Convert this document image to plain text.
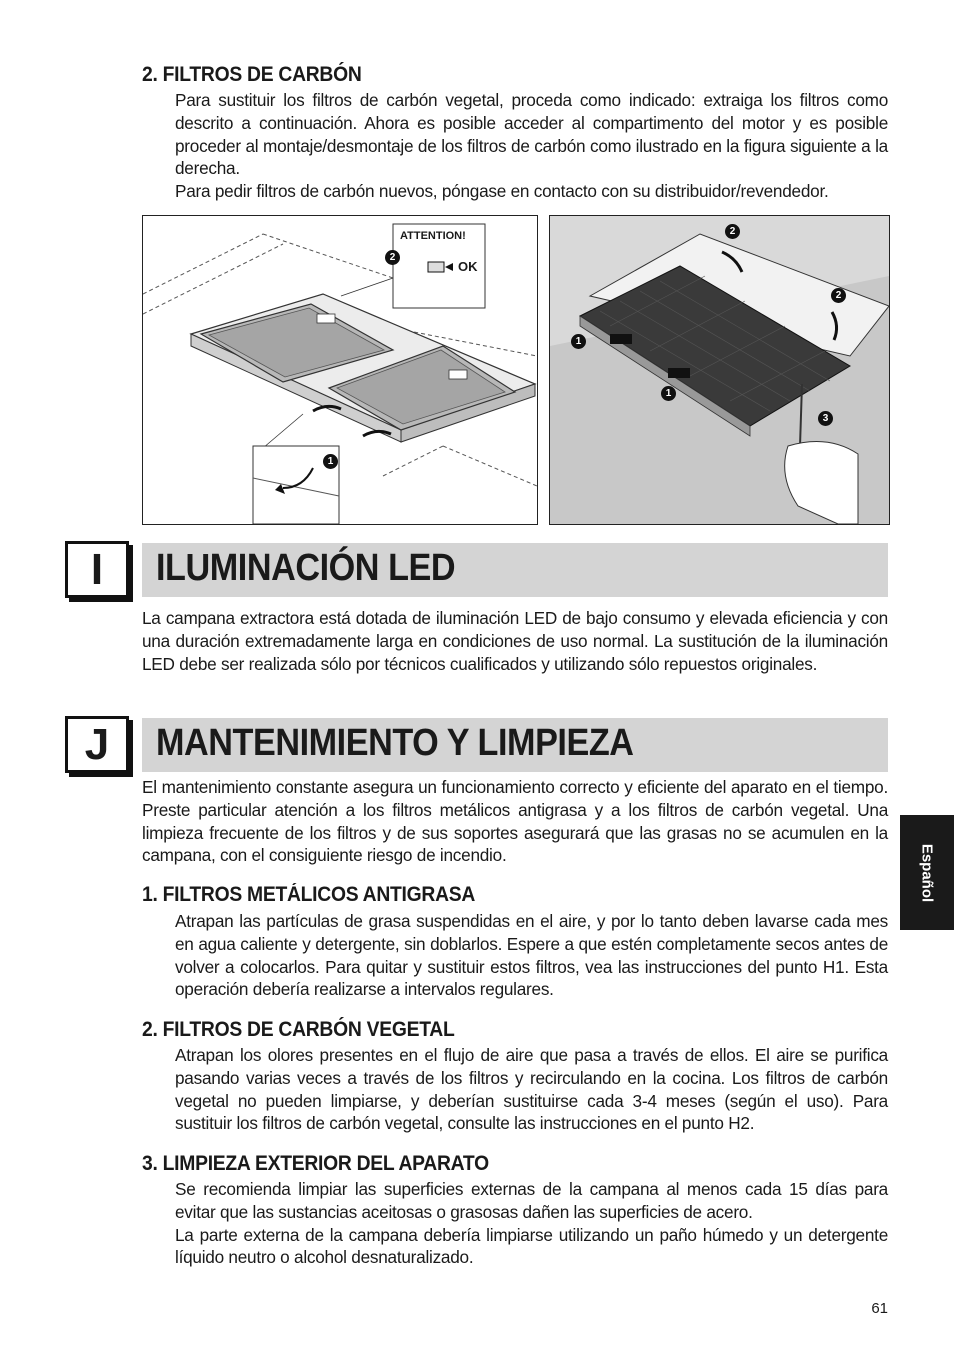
2. FILTROS DE CARBÓN

Para sustituir los filtros de carbón vegetal, proceda como indicado: extraiga los filtros como descrito a continuación. Ahora es posible acceder al compartimento del motor y es posible proceder al montaje/desmontaje de los filtros de carbón como ilustrado en la figura siguiente a la derecha.

Para pedir filtros de carbón nuevos, póngase en contacto con su distribuidor/revendedor.

ATTENTION!
OK
2
1
1
1
2
2
3
I	ILUMINACIÓN LED

La campana extractora está dotada de iluminación LED de bajo consumo y elevada eficiencia y con una duración extremadamente larga en condiciones de uso normal. La sustitución de la iluminación LED debe ser realizada sólo por técnicos cualificados y utilizando sólo repuestos originales.

J	MANTENIMIENTO Y LIMPIEZA

El mantenimiento constante asegura un funcionamiento correcto y eficiente del aparato en el tiempo. Preste particular atención a los filtros metálicos antigrasa y a los filtros de carbón vegetal. Una limpieza frecuente de los filtros y de sus soportes asegurará que las grasas no se acumulen en la campana, con el consiguiente riesgo de incendio.

1. FILTROS METÁLICOS ANTIGRASA

Atrapan las partículas de grasa suspendidas en el aire, y por lo tanto deben lavarse cada mes en agua caliente y detergente, sin doblarlos. Espere a que estén completamente secos antes de volver a colocarlos. Para quitar y sustituir estos filtros, vea las instrucciones del punto H1. Esta operación debería realizarse a intervalos regulares.

2. FILTROS DE CARBÓN VEGETAL

Atrapan los olores presentes en el flujo de aire que pasa a través de ellos. El aire se purifica pasando varias veces a través de los filtros y recirculando en la cocina. Los filtros de carbón vegetal no pueden limpiarse, y deberían sustituirse cada 3-4 meses (según el uso). Para sustituir los filtros de carbón vegetal, consulte las instrucciones en el punto H2.

3. LIMPIEZA EXTERIOR DEL APARATO

Se recomienda limpiar las superficies externas de la campana al menos cada 15 días para evitar que las sustancias aceitosas o grasosas dañen las superficies de acero.

La parte externa de la campana debería limpiarse utilizando un paño húmedo y un detergente líquido neutro o alcohol desnaturalizado.

Español
61
